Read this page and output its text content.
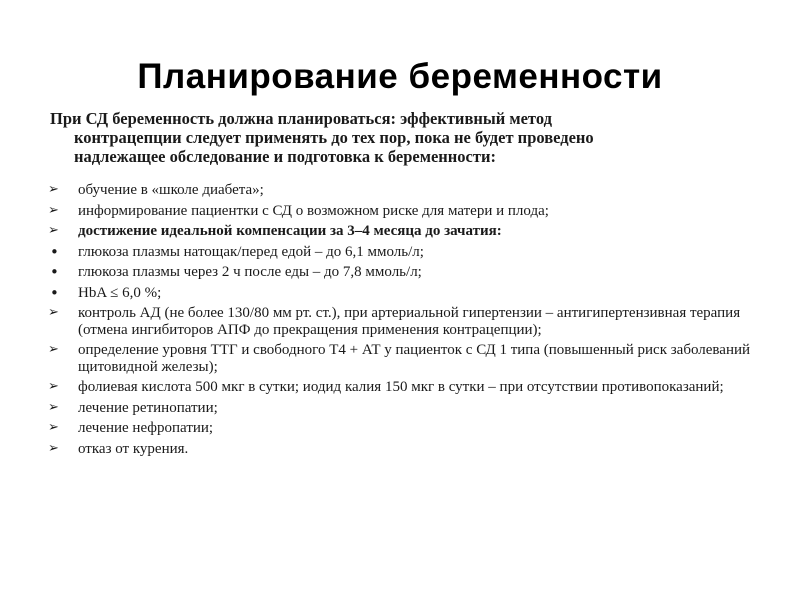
Планирование беременности
При СД беременность должна планироваться: эффективный метод
контрацепции следует применять до тех пор, пока не будет проведено
надлежащее обследование и подготовка к беременности:
➢	обучение в «школе диабета»;
➢	информирование пациентки с СД о возможном риске для матери и плода;
➢	достижение идеальной компенсации за 3–4 месяца до зачатия:
•	глюкоза плазмы натощак/перед едой – до 6,1 ммоль/л;
•	глюкоза плазмы через 2 ч после еды – до 7,8 ммоль/л;
•	HbA ≤ 6,0 %;
➢	контроль АД (не более 130/80 мм рт. ст.), при артериальной гипертензии – антигипертензивная терапия (отмена ингибиторов АПФ до прекращения применения контрацепции);
➢	определение уровня ТТГ и свободного Т4 + АТ у пациенток с СД 1 типа (повышенный риск заболеваний щитовидной железы);
➢	фолиевая кислота 500 мкг в сутки; иодид калия 150 мкг в сутки – при отсутствии противопоказаний;
➢	лечение ретинопатии;
➢	лечение нефропатии;
➢	отказ от курения.
